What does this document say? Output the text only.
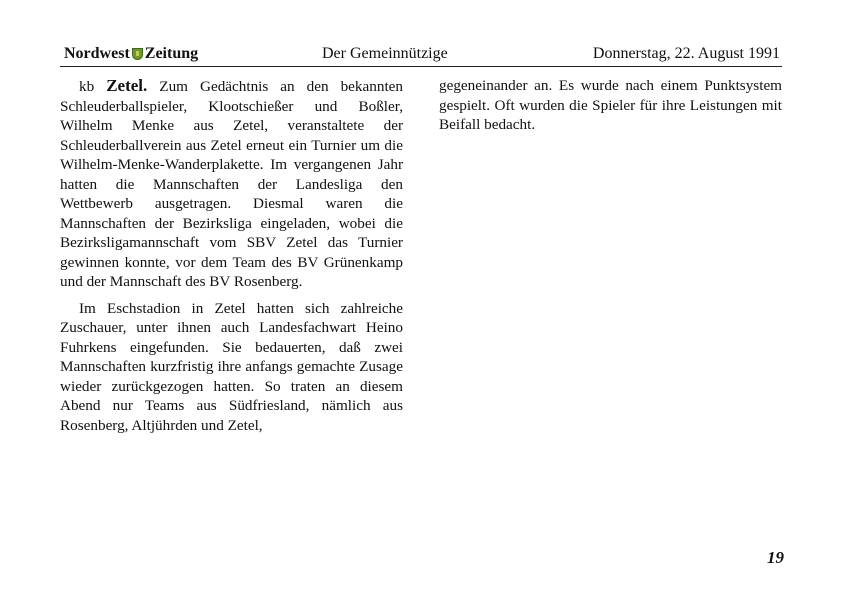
Nordwest Zeitung	Der Gemeinnützige	Donnerstag, 22. August 1991

kb Zetel. Zum Gedächtnis an den bekannten Schleuderballspieler, Klootschießer und Boßler, Wilhelm Menke aus Zetel, veranstaltete der Schleuderballverein aus Zetel erneut ein Turnier um die Wilhelm-Menke-Wanderplakette. Im vergangenen Jahr hatten die Mannschaften der Landesliga den Wettbewerb ausgetragen. Diesmal waren die Mannschaften der Bezirksliga eingeladen, wobei die Bezirksligamannschaft vom SBV Zetel das Turnier gewinnen konnte, vor dem Team des BV Grünenkamp und der Mannschaft des BV Rosenberg.

Im Eschstadion in Zetel hatten sich zahlreiche Zuschauer, unter ihnen auch Landesfachwart Heino Fuhrkens eingefunden. Sie bedauerten, daß zwei Mannschaften kurzfristig ihre anfangs gemachte Zusage wieder zurückgezogen hatten. So traten an diesem Abend nur Teams aus Südfriesland, nämlich aus Rosenberg, Altjührden und Zetel,

gegeneinander an. Es wurde nach einem Punktsystem gespielt. Oft wurden die Spieler für ihre Leistungen mit Beifall bedacht.

19
